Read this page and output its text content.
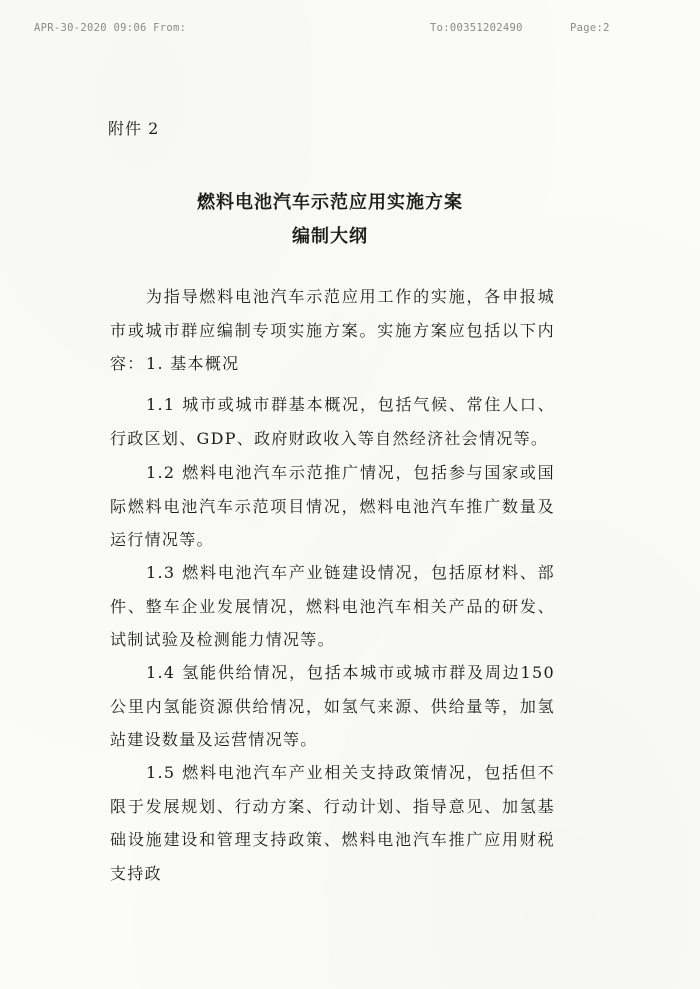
APR-30-2020 09:06 From:	To:00351202490	Page:2
附件 2
燃料电池汽车示范应用实施方案
编制大纲
为指导燃料电池汽车示范应用工作的实施，各申报城市或城市群应编制专项实施方案。实施方案应包括以下内容： 1. 基本概况
1.1 城市或城市群基本概况，包括气候、常住人口、行政区划、GDP、政府财政收入等自然经济社会情况等。
1.2 燃料电池汽车示范推广情况，包括参与国家或国际燃料电池汽车示范项目情况，燃料电池汽车推广数量及运行情况等。
1.3 燃料电池汽车产业链建设情况，包括原材料、部件、整车企业发展情况，燃料电池汽车相关产品的研发、试制试验及检测能力情况等。
1.4 氢能供给情况，包括本城市或城市群及周边150公里内氢能资源供给情况，如氢气来源、供给量等，加氢站建设数量及运营情况等。
1.5 燃料电池汽车产业相关支持政策情况，包括但不限于发展规划、行动方案、行动计划、指导意见、加氢基础设施建设和管理支持政策、燃料电池汽车推广应用财税支持政
